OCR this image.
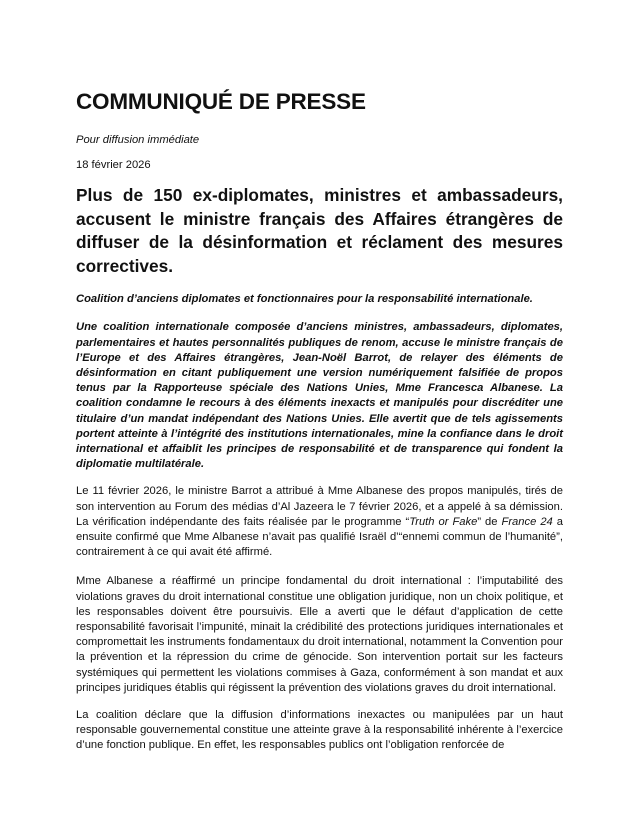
COMMUNIQUÉ DE PRESSE
Pour diffusion immédiate
18 février 2026
Plus de 150 ex-diplomates, ministres et ambassadeurs, accusent le ministre français des Affaires étrangères de diffuser de la désinformation et réclament des mesures correctives.
Coalition d’anciens diplomates et fonctionnaires pour la responsabilité internationale.
Une coalition internationale composée d’anciens ministres, ambassadeurs, diplomates, parlementaires et hautes personnalités publiques de renom, accuse le ministre français de l’Europe et des Affaires étrangères, Jean-Noël Barrot, de relayer des éléments de désinformation en citant publiquement une version numériquement falsifiée de propos tenus par la Rapporteuse spéciale des Nations Unies, Mme Francesca Albanese. La coalition condamne le recours à des éléments inexacts et manipulés pour discréditer une titulaire d’un mandat indépendant des Nations Unies. Elle avertit que de tels agissements portent atteinte à l’intégrité des institutions internationales, mine la confiance dans le droit international et affaiblit les principes de responsabilité et de transparence qui fondent la diplomatie multilatérale.
Le 11 février 2026, le ministre Barrot a attribué à Mme Albanese des propos manipulés, tirés de son intervention au Forum des médias d’Al Jazeera le 7 février 2026, et a appelé à sa démission. La vérification indépendante des faits réalisée par le programme “Truth or Fake” de France 24 a ensuite confirmé que Mme Albanese n’avait pas qualifié Israël d’“ennemi commun de l’humanité”, contrairement à ce qui avait été affirmé.
Mme Albanese a réaffirmé un principe fondamental du droit international : l’imputabilité des violations graves du droit international constitue une obligation juridique, non un choix politique, et les responsables doivent être poursuivis. Elle a averti que le défaut d’application de cette responsabilité favorisait l’impunité, minait la crédibilité des protections juridiques internationales et compromettait les instruments fondamentaux du droit international, notamment la Convention pour la prévention et la répression du crime de génocide. Son intervention portait sur les facteurs systémiques qui permettent les violations commises à Gaza, conformément à son mandat et aux principes juridiques établis qui régissent la prévention des violations graves du droit international.
La coalition déclare que la diffusion d’informations inexactes ou manipulées par un haut responsable gouvernemental constitue une atteinte grave à la responsabilité inhérente à l’exercice d’une fonction publique. En effet, les responsables publics ont l’obligation renforcée de
